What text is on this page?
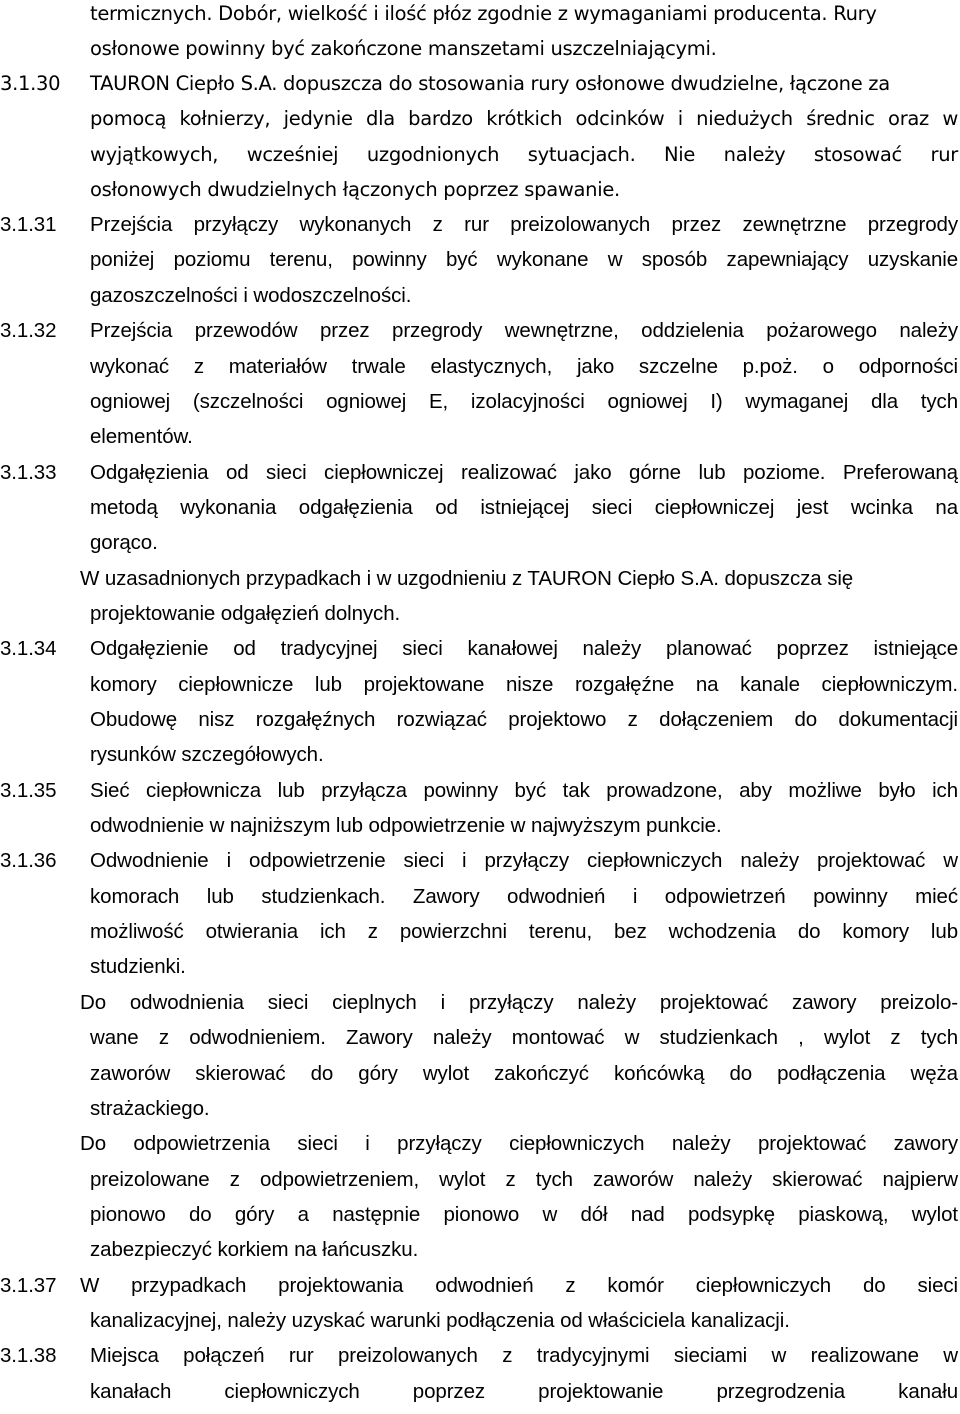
termicznych. Dobór, wielkość i ilość płóz zgodnie z wymaganiami producenta. Rury
osłonowe powinny być zakończone manszetami uszczelniającymi.
3.1.30 TAURON Ciepło S.A. dopuszcza do stosowania rury osłonowe dwudzielne, łączone za
pomocą kołnierzy, jedynie dla bardzo krótkich odcinków i niedużych średnic oraz w
wyjątkowych, wcześniej uzgodnionych sytuacjach. Nie należy stosować rur
osłonowych dwudzielnych łączonych poprzez spawanie.
3.1.31 Przejścia przyłączy wykonanych z rur preizolowanych przez zewnętrzne przegrody
poniżej poziomu terenu, powinny być wykonane w sposób zapewniający uzyskanie
gazoszczelności i wodoszczelności.
3.1.32 Przejścia przewodów przez przegrody wewnętrzne, oddzielenia pożarowego należy
wykonać z materiałów trwale elastycznych, jako szczelne p.poż. o odporności
ogniowej (szczelności ogniowej E, izolacyjności ogniowej I) wymaganej dla tych
elementów.
3.1.33 Odgałęzienia od sieci ciepłowniczej realizować jako górne lub poziome. Preferowaną
metodą wykonania odgałęzienia od istniejącej sieci ciepłowniczej jest wcinka na
gorąco.
W uzasadnionych przypadkach i w uzgodnieniu z TAURON Ciepło S.A. dopuszcza się
projektowanie odgałęzień dolnych.
3.1.34 Odgałęzienie od tradycyjnej sieci kanałowej należy planować poprzez istniejące
komory ciepłownicze lub projektowane nisze rozgałęźne na kanale ciepłowniczym.
Obudowę nisz rozgałęźnych rozwiązać projektowo z dołączeniem do dokumentacji
rysunków szczegółowych.
3.1.35 Sieć ciepłownicza lub przyłącza powinny być tak prowadzone, aby możliwe było ich
odwodnienie w najniższym lub odpowietrzenie w najwyższym punkcie.
3.1.36 Odwodnienie i odpowietrzenie sieci i przyłączy ciepłowniczych należy projektować w
komorach lub studzienkach. Zawory odwodnień i odpowietrzeń powinny mieć
możliwość otwierania ich z powierzchni terenu, bez wchodzenia do komory lub
studzienki.
Do odwodnienia sieci cieplnych i przyłączy należy projektować zawory preizolo-
wane z odwodnieniem. Zawory należy montować w studzienkach , wylot z tych
zaworów skierować do góry wylot zakończyć końcówką do podłączenia węża
strażackiego.
Do odpowietrzenia sieci i przyłączy ciepłowniczych należy projektować zawory
preizolowane z odpowietrzeniem, wylot z tych zaworów należy skierować najpierw
pionowo do góry a następnie pionowo w dół nad podsypkę piaskową, wylot
zabezpieczyć korkiem na łańcuszku.
3.1.37 W przypadkach projektowania odwodnień z komór ciepłowniczych do sieci
kanalizacyjnej, należy uzyskać warunki podłączenia od właściciela kanalizacji.
3.1.38 Miejsca połączeń rur preizolowanych z tradycyjnymi sieciami w realizowane w
kanałach ciepłowniczych poprzez projektowanie przegrodzenia kanału
